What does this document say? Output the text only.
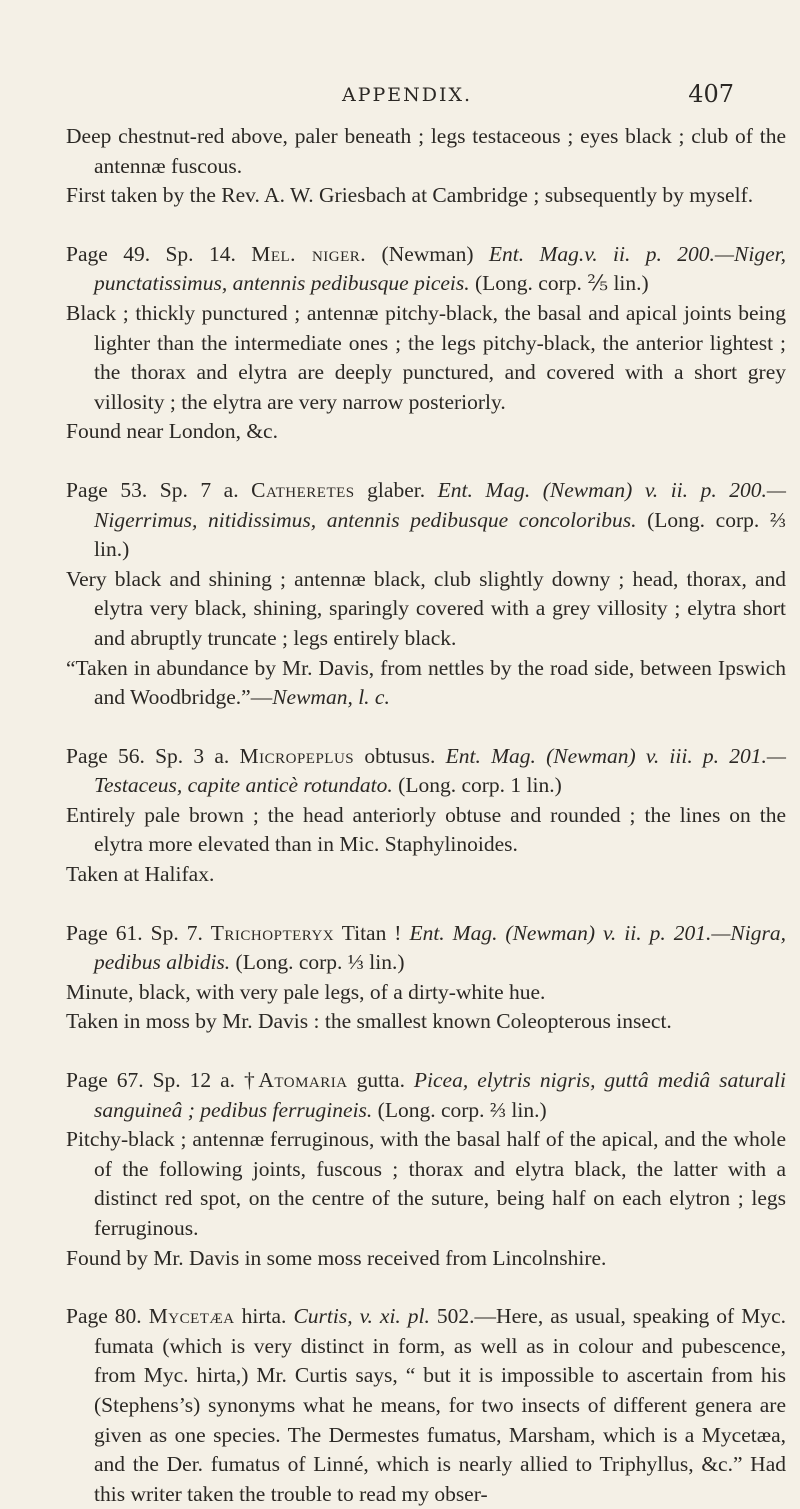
APPENDIX.	407

Deep chestnut-red above, paler beneath ; legs testaceous ; eyes black ; club of the antennæ fuscous.

First taken by the Rev. A. W. Griesbach at Cambridge ; subsequently by myself.

Page 49. Sp. 14. Mel. niger. (Newman) Ent. Mag.v. ii. p. 200.—Niger, punctatissimus, antennis pedibusque piceis. (Long. corp. ⅖ lin.)

Black ; thickly punctured ; antennæ pitchy-black, the basal and apical joints being lighter than the intermediate ones ; the legs pitchy-black, the anterior lightest ; the thorax and elytra are deeply punctured, and covered with a short grey villosity ; the elytra are very narrow posteriorly.

Found near London, &c.

Page 53. Sp. 7 a. Catheretes glaber. Ent. Mag. (Newman) v. ii. p. 200.—Nigerrimus, nitidissimus, antennis pedibusque concoloribus. (Long. corp. ⅔ lin.)

Very black and shining ; antennæ black, club slightly downy ; head, thorax, and elytra very black, shining, sparingly covered with a grey villosity ; elytra short and abruptly truncate ; legs entirely black.

“Taken in abundance by Mr. Davis, from nettles by the road side, between Ipswich and Woodbridge.”—Newman, l. c.

Page 56. Sp. 3 a. Micropeplus obtusus. Ent. Mag. (Newman) v. iii. p. 201.—Testaceus, capite anticè rotundato. (Long. corp. 1 lin.)

Entirely pale brown ; the head anteriorly obtuse and rounded ; the lines on the elytra more elevated than in Mic. Staphylinoides.

Taken at Halifax.

Page 61. Sp. 7. Trichopteryx Titan ! Ent. Mag. (Newman) v. ii. p. 201.—Nigra, pedibus albidis. (Long. corp. ⅓ lin.)

Minute, black, with very pale legs, of a dirty-white hue.

Taken in moss by Mr. Davis : the smallest known Coleopterous insect.

Page 67. Sp. 12 a. †Atomaria gutta. Picea, elytris nigris, guttâ mediâ saturali sanguineâ ; pedibus ferrugineis. (Long. corp. ⅔ lin.)

Pitchy-black ; antennæ ferruginous, with the basal half of the apical, and the whole of the following joints, fuscous ; thorax and elytra black, the latter with a distinct red spot, on the centre of the suture, being half on each elytron ; legs ferruginous.

Found by Mr. Davis in some moss received from Lincolnshire.

Page 80. Mycetæa hirta. Curtis, v. xi. pl. 502.—Here, as usual, speaking of Myc. fumata (which is very distinct in form, as well as in colour and pubescence, from Myc. hirta,) Mr. Curtis says, “ but it is impossible to ascertain from his (Stephens’s) synonyms what he means, for two insects of different genera are given as one species. The Dermestes fumatus, Marsham, which is a Mycetæa, and the Der. fumatus of Linné, which is nearly allied to Triphyllus, &c.” Had this writer taken the trouble to read my obser-
